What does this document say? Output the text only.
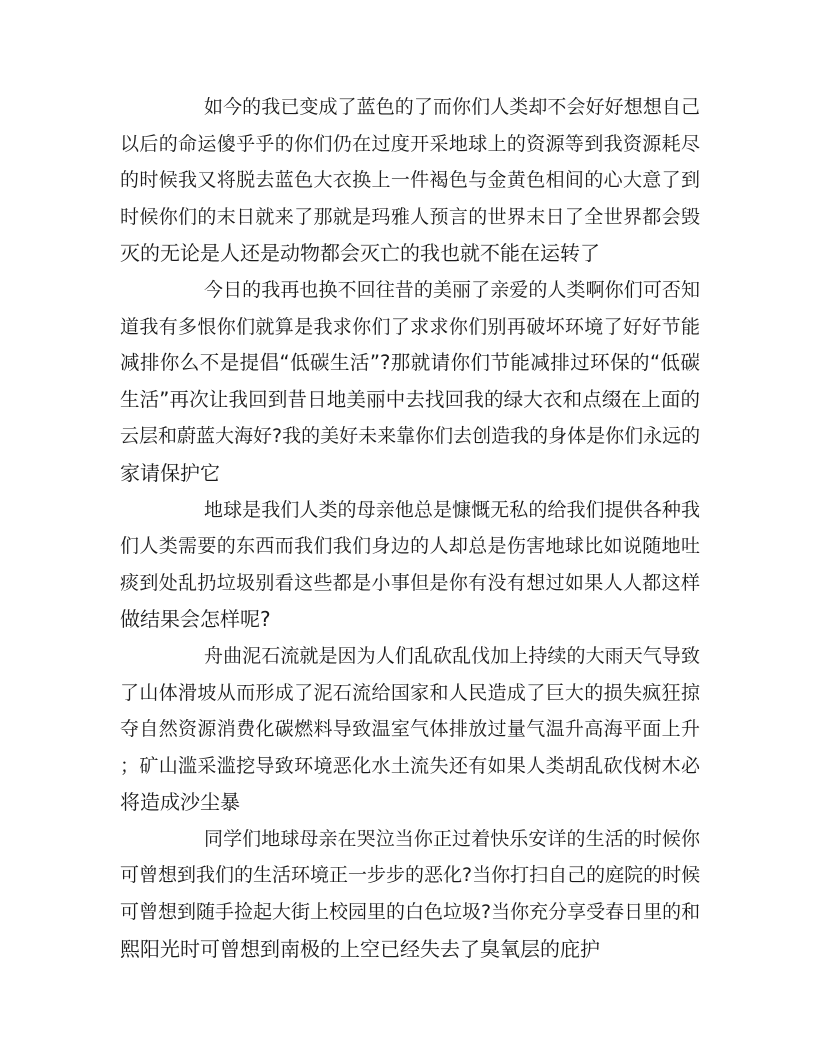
如今的我已变成了蓝色的了而你们人类却不会好好想想自己
以后的命运傻乎乎的你们仍在过度开采地球上的资源等到我资源耗尽
的时候我又将脱去蓝色大衣换上一件褐色与金黄色相间的心大意了到
时候你们的末日就来了那就是玛雅人预言的世界末日了全世界都会毁
灭的无论是人还是动物都会灭亡的我也就不能在运转了
今日的我再也换不回往昔的美丽了亲爱的人类啊你们可否知
道我有多恨你们就算是我求你们了求求你们别再破坏环境了好好节能
减排你么不是提倡“低碳生活”?那就请你们节能减排过环保的“低碳
生活”再次让我回到昔日地美丽中去找回我的绿大衣和点缀在上面的
云层和蔚蓝大海好?我的美好未来靠你们去创造我的身体是你们永远的
家请保护它
地球是我们人类的母亲他总是慷慨无私的给我们提供各种我
们人类需要的东西而我们我们身边的人却总是伤害地球比如说随地吐
痰到处乱扔垃圾别看这些都是小事但是你有没有想过如果人人都这样
做结果会怎样呢?
舟曲泥石流就是因为人们乱砍乱伐加上持续的大雨天气导致
了山体滑坡从而形成了泥石流给国家和人民造成了巨大的损失疯狂掠
夺自然资源消费化碳燃料导致温室气体排放过量气温升高海平面上升
；矿山滥采滥挖导致环境恶化水土流失还有如果人类胡乱砍伐树木必
将造成沙尘暴
同学们地球母亲在哭泣当你正过着快乐安详的生活的时候你
可曾想到我们的生活环境正一步步的恶化?当你打扫自己的庭院的时候
可曾想到随手捡起大街上校园里的白色垃圾?当你充分享受春日里的和
熙阳光时可曾想到南极的上空已经失去了臭氧层的庇护
